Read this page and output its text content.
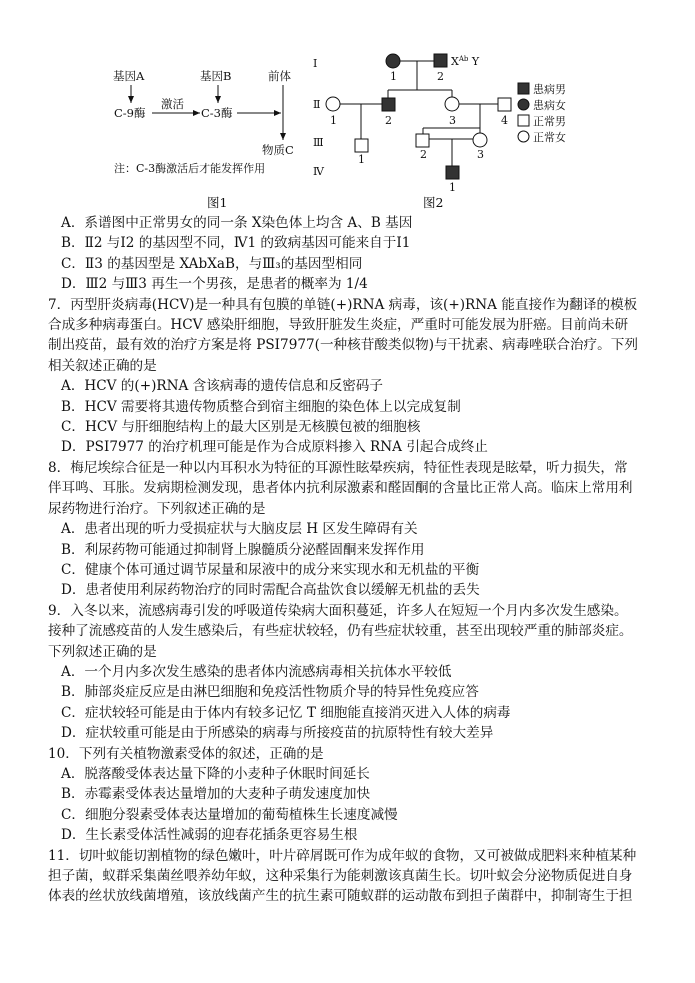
基因A
C-9酶
激活
基因B
C-3酶
前体
物质C
注：C-3酶激活后才能发挥作用
图1
Ⅰ
Ⅱ
Ⅲ
Ⅳ
1	2
$X^{Ab}$ Y
1	2	3	4
1	2	3
1
患病男
患病女
正常男
正常女
图2

A．系谱图中正常男女的同一条 X染色体上均含 A、B 基因

B．Ⅱ2 与Ⅰ2 的基因型不同，Ⅳ1 的致病基因可能来自于Ⅰ1

C．Ⅱ3 的基因型是 XAbXaB，与Ⅲ₃的基因型相同

D．Ⅲ2 与Ⅲ3 再生一个男孩，是患者的概率为 1/4

7．丙型肝炎病毒(HCV)是一种具有包膜的单链(+)RNA 病毒，该(+)RNA 能直接作为翻译的模板

合成多种病毒蛋白。HCV 感染肝细胞，导致肝脏发生炎症，严重时可能发展为肝癌。目前尚未研

制出疫苗，最有效的治疗方案是将 PSI7977(一种核苷酸类似物)与干扰素、病毒唑联合治疗。下列

相关叙述正确的是

A．HCV 的(+)RNA 含该病毒的遗传信息和反密码子

B．HCV 需要将其遗传物质整合到宿主细胞的染色体上以完成复制

C．HCV 与肝细胞结构上的最大区别是无核膜包被的细胞核

D．PSI7977 的治疗机理可能是作为合成原料掺入 RNA 引起合成终止

8．梅尼埃综合征是一种以内耳积水为特征的耳源性眩晕疾病，特征性表现是眩晕，听力损失，常

伴耳鸣、耳胀。发病期检测发现，患者体内抗利尿激素和醛固酮的含量比正常人高。临床上常用利

尿药物进行治疗。下列叙述正确的是

A．患者出现的听力受损症状与大脑皮层 H 区发生障碍有关

B．利尿药物可能通过抑制肾上腺髓质分泌醛固酮来发挥作用

C．健康个体可通过调节尿量和尿液中的成分来实现水和无机盐的平衡

D．患者使用利尿药物治疗的同时需配合高盐饮食以缓解无机盐的丢失

9．入冬以来，流感病毒引发的呼吸道传染病大面积蔓延，许多人在短短一个月内多次发生感染。

接种了流感疫苗的人发生感染后，有些症状较轻，仍有些症状较重，甚至出现较严重的肺部炎症。

下列叙述正确的是

A．一个月内多次发生感染的患者体内流感病毒相关抗体水平较低

B．肺部炎症反应是由淋巴细胞和免疫活性物质介导的特异性免疫应答

C．症状较轻可能是由于体内有较多记忆 T 细胞能直接消灭进入人体的病毒

D．症状较重可能是由于所感染的病毒与所接疫苗的抗原特性有较大差异

10．下列有关植物激素受体的叙述，正确的是

A．脱落酸受体表达量下降的小麦种子休眠时间延长

B．赤霉素受体表达量增加的大麦种子萌发速度加快

C．细胞分裂素受体表达量增加的葡萄植株生长速度减慢

D．生长素受体活性减弱的迎春花插条更容易生根

11．切叶蚁能切割植物的绿色嫩叶，叶片碎屑既可作为成年蚁的食物，又可被做成肥料来种植某种

担子菌，蚁群采集菌丝喂养幼年蚁，这种采集行为能刺激该真菌生长。切叶蚁会分泌物质促进自身

体表的丝状放线菌增殖，该放线菌产生的抗生素可随蚁群的运动散布到担子菌群中，抑制寄生于担
